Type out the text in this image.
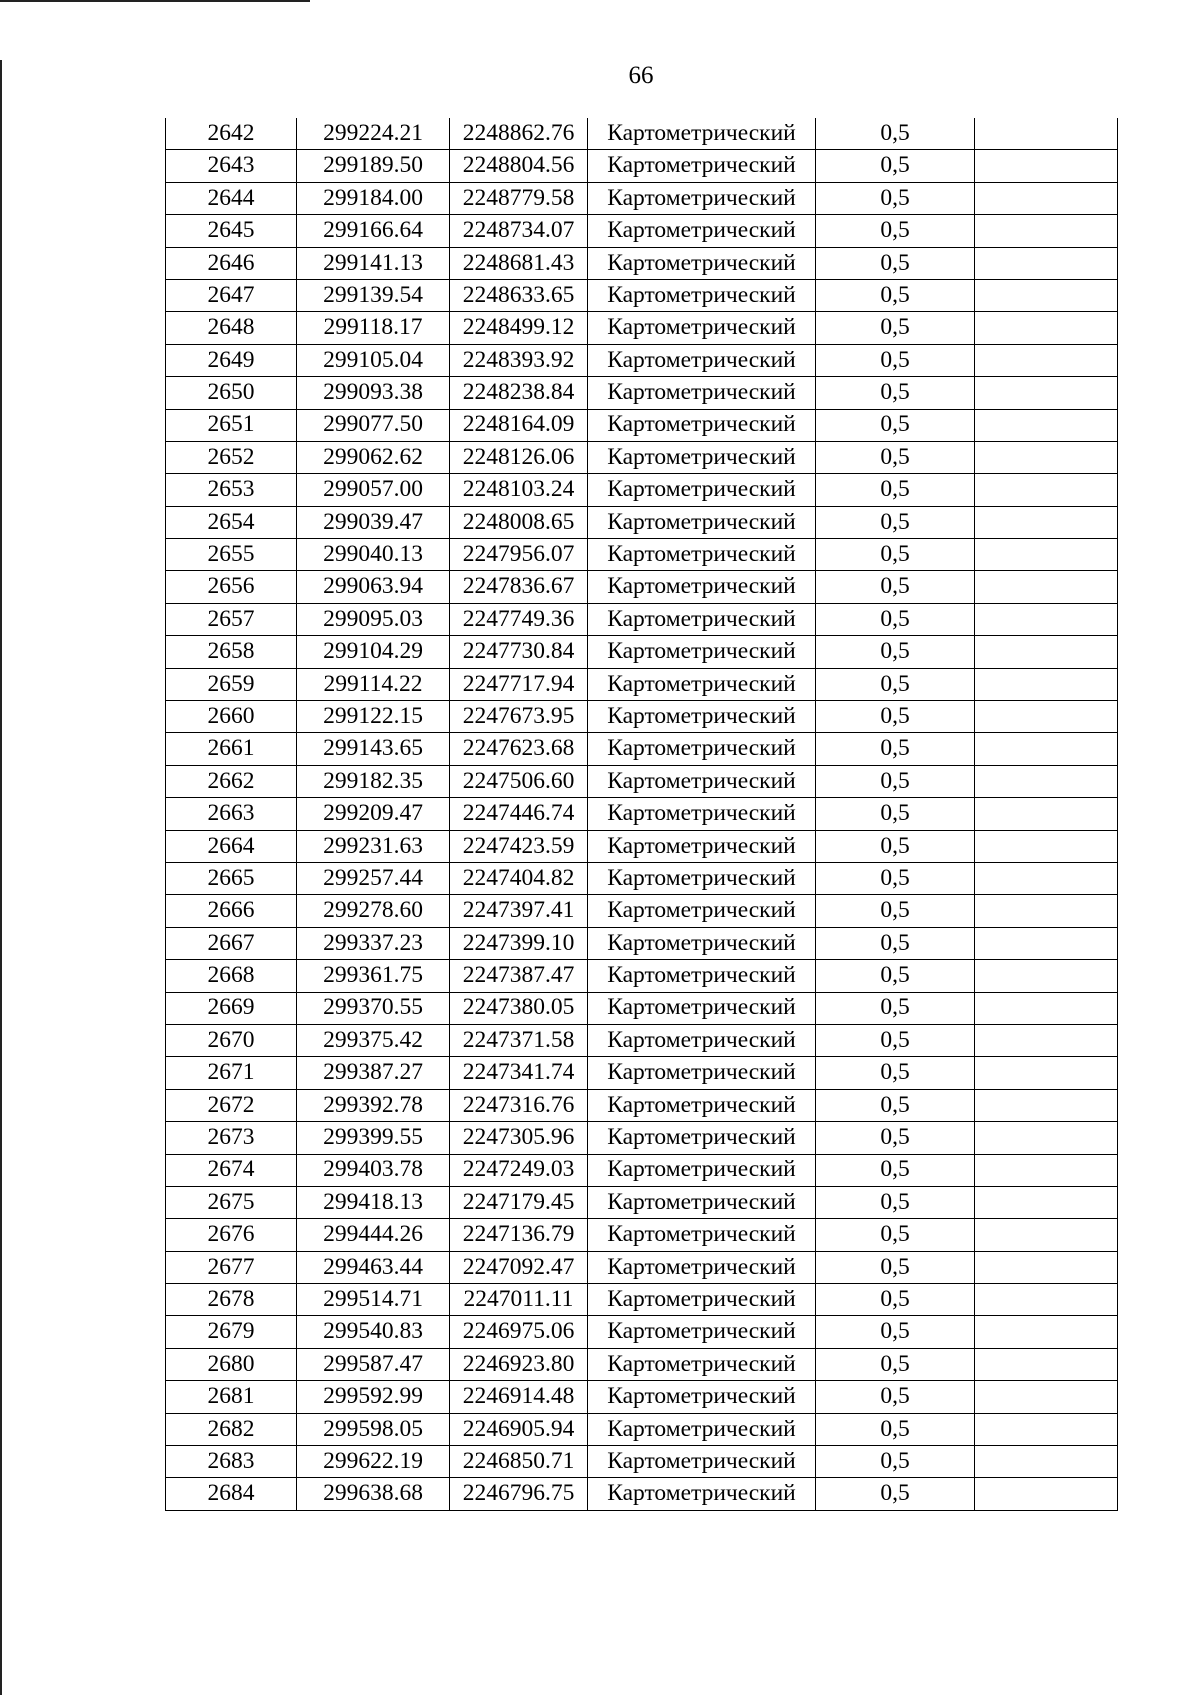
66
2642	299224.21	2248862.76	Картометрический	0,5	
2643	299189.50	2248804.56	Картометрический	0,5	
2644	299184.00	2248779.58	Картометрический	0,5	
2645	299166.64	2248734.07	Картометрический	0,5	
2646	299141.13	2248681.43	Картометрический	0,5	
2647	299139.54	2248633.65	Картометрический	0,5	
2648	299118.17	2248499.12	Картометрический	0,5	
2649	299105.04	2248393.92	Картометрический	0,5	
2650	299093.38	2248238.84	Картометрический	0,5	
2651	299077.50	2248164.09	Картометрический	0,5	
2652	299062.62	2248126.06	Картометрический	0,5	
2653	299057.00	2248103.24	Картометрический	0,5	
2654	299039.47	2248008.65	Картометрический	0,5	
2655	299040.13	2247956.07	Картометрический	0,5	
2656	299063.94	2247836.67	Картометрический	0,5	
2657	299095.03	2247749.36	Картометрический	0,5	
2658	299104.29	2247730.84	Картометрический	0,5	
2659	299114.22	2247717.94	Картометрический	0,5	
2660	299122.15	2247673.95	Картометрический	0,5	
2661	299143.65	2247623.68	Картометрический	0,5	
2662	299182.35	2247506.60	Картометрический	0,5	
2663	299209.47	2247446.74	Картометрический	0,5	
2664	299231.63	2247423.59	Картометрический	0,5	
2665	299257.44	2247404.82	Картометрический	0,5	
2666	299278.60	2247397.41	Картометрический	0,5	
2667	299337.23	2247399.10	Картометрический	0,5	
2668	299361.75	2247387.47	Картометрический	0,5	
2669	299370.55	2247380.05	Картометрический	0,5	
2670	299375.42	2247371.58	Картометрический	0,5	
2671	299387.27	2247341.74	Картометрический	0,5	
2672	299392.78	2247316.76	Картометрический	0,5	
2673	299399.55	2247305.96	Картометрический	0,5	
2674	299403.78	2247249.03	Картометрический	0,5	
2675	299418.13	2247179.45	Картометрический	0,5	
2676	299444.26	2247136.79	Картометрический	0,5	
2677	299463.44	2247092.47	Картометрический	0,5	
2678	299514.71	2247011.11	Картометрический	0,5	
2679	299540.83	2246975.06	Картометрический	0,5	
2680	299587.47	2246923.80	Картометрический	0,5	
2681	299592.99	2246914.48	Картометрический	0,5	
2682	299598.05	2246905.94	Картометрический	0,5	
2683	299622.19	2246850.71	Картометрический	0,5	
2684	299638.68	2246796.75	Картометрический	0,5	
